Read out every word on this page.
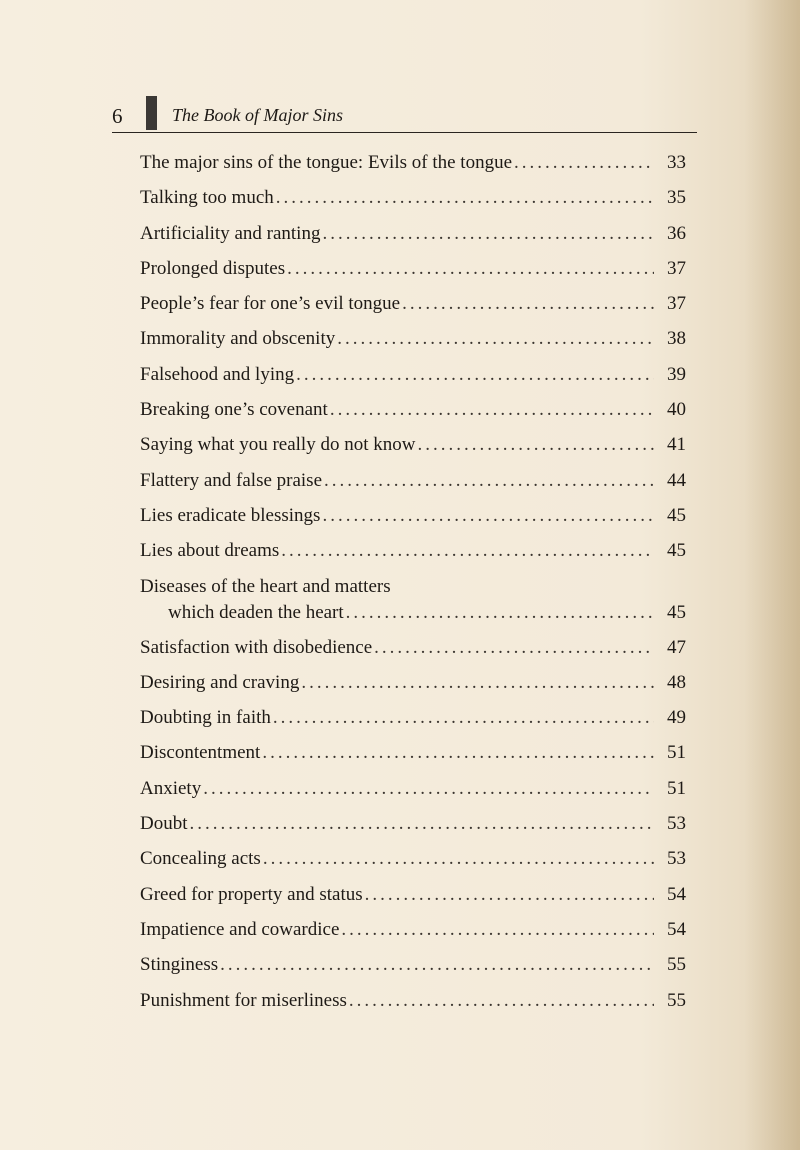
6	The Book of Major Sins
The major sins of the tongue: Evils of the tongue .....	33
Talking too much .....	35
Artificiality and ranting .....	36
Prolonged disputes .....	37
People’s fear for one’s evil tongue .....	37
Immorality and obscenity .....	38
Falsehood and lying .....	39
Breaking one’s covenant .....	40
Saying what you really do not know .....	41
Flattery and false praise .....	44
Lies eradicate blessings .....	45
Lies about dreams .....	45
Diseases of the heart and matters
which deaden the heart .....	45
Satisfaction with disobedience .....	47
Desiring and craving .....	48
Doubting in faith .....	49
Discontentment .....	51
Anxiety .....	51
Doubt .....	53
Concealing acts .....	53
Greed for property and status .....	54
Impatience and cowardice .....	54
Stinginess .....	55
Punishment for miserliness .....	55
